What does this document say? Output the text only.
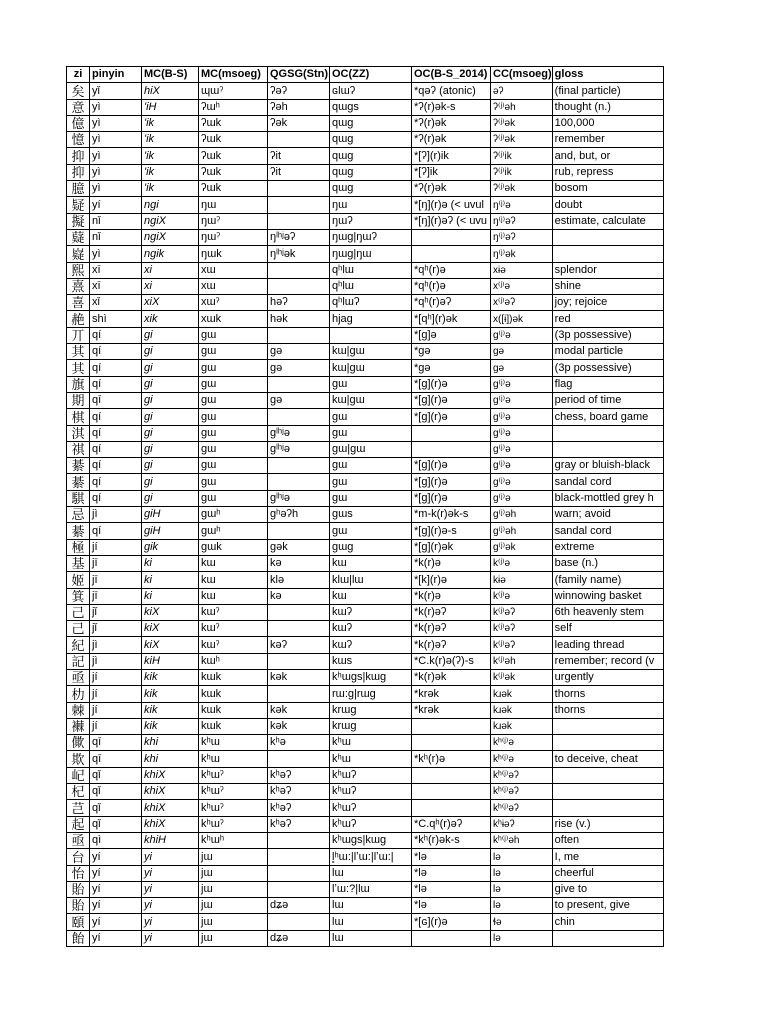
zi	pinyin	MC(B-S)	MC(msoeg)	QGSG(Stn)	OC(ZZ)	OC(B-S_2014)	CC(msoeg)	gloss
矣	yǐ	hiX	ɰɯˀ	ʔəʔ	ɢlɯʔ	*qəʔ (atonic)	əʔ	(final particle)
意	yì	'iH	ʔɯʰ	ʔəh	qɯgs	*ʔ(r)ək-s	ʔ⁽ʲ⁾əh	thought (n.)
億	yì	'ik	ʔɯk	ʔək	qɯg	*ʔ(r)ək	ʔ⁽ʲ⁾ək	100,000
憶	yì	'ik	ʔɯk		qɯg	*ʔ(r)ək	ʔ⁽ʲ⁾ək	remember
抑	yì	'ik	ʔɯk	ʔit	qɯg	*[ʔ](r)ik	ʔ⁽ʲ⁾ik	and, but, or
抑	yì	'ik	ʔɯk	ʔit	qɯg	*[ʔ]ik	ʔ⁽ʲ⁾ik	rub, repress
臆	yì	'ik	ʔɯk		qɯg	*ʔ(r)ək	ʔ⁽ʲ⁾ək	bosom
疑	yí	ngi	ŋɯ		ŋɯ	*[ŋ](r)ə (< uvul	ŋ⁽ʲ⁾ə	doubt
擬	nǐ	ngiX	ŋɯˀ		ŋɯʔ	*[ŋ](r)əʔ (< uvu	ŋ⁽ʲ⁾əʔ	estimate, calculate
薿	nǐ	ngiX	ŋɯˀ	ŋˡʰʲəʔ	ŋɯg|ŋɯʔ		ŋ⁽ʲ⁾əʔ	
嶷	yì	ngik	ŋɯk	ŋˡʰʲək	ŋɯg|ŋɯ		ŋ⁽ʲ⁾ək	
熙	xī	xi	xɯ		qʰlɯ	*qʰ(r)ə	xɨə	splendor
熹	xī	xi	xɯ		qʰlɯ	*qʰ(r)ə	x⁽ʲ⁾ə	shine
喜	xǐ	xiX	xɯˀ	həʔ	qʰlɯʔ	*qʰ(r)əʔ	x⁽ʲ⁾əʔ	joy; rejoice
赩	shì	xik	xɯk	hək	hjag	*[qʰ](r)ək	x([ɨ])ək	red
丌	qí	gi	gɯ			*[g]ə	g⁽ʲ⁾ə	(3p possessive)
其	qí	gi	gɯ	gə	kɯ|gɯ	*gə	gə	modal particle
其	qí	gi	gɯ	gə	kɯ|gɯ	*gə	gə	(3p possessive)
旗	qí	gi	gɯ		gɯ	*[g](r)ə	g⁽ʲ⁾ə	flag
期	qī	gi	gɯ	gə	kɯ|gɯ	*[g](r)ə	g⁽ʲ⁾ə	period of time
棋	qí	gi	gɯ		gɯ	*[g](r)ə	g⁽ʲ⁾ə	chess, board game
淇	qí	gi	gɯ	gˡʰʲə	gɯ		g⁽ʲ⁾ə	
祺	qí	gi	gɯ	gˡʰʲə	gɯ|gɯ		g⁽ʲ⁾ə	
綦	qí	gi	gɯ		gɯ	*[g](r)ə	g⁽ʲ⁾ə	gray or bluish-black
綦	qí	gi	gɯ		gɯ	*[g](r)ə	g⁽ʲ⁾ə	sandal cord
騏	qí	gi	gɯ	gˡʰʲə	gɯ	*[g](r)ə	g⁽ʲ⁾ə	black-mottled grey h
忌	jì	giH	gɯʰ	gʰəʔh	gɯs	*m-k(r)ək-s	g⁽ʲ⁾əh	warn; avoid
綦	qí	giH	gɯʰ		gɯ	*[g](r)ə-s	g⁽ʲ⁾əh	sandal cord
極	jí	gik	gɯk	gək	gɯg	*[g](r)ək	g⁽ʲ⁾ək	extreme
基	jī	ki	kɯ	kə	kɯ	*k(r)ə	k⁽ʲ⁾ə	base (n.)
姬	jī	ki	kɯ	klə	klɯ|lɯ	*[k](r)ə	kɨə	(family name)
箕	jī	ki	kɯ	kə	kɯ	*k(r)ə	k⁽ʲ⁾ə	winnowing basket
己	jǐ	kiX	kɯˀ		kɯʔ	*k(r)əʔ	k⁽ʲ⁾əʔ	6th heavenly stem
己	jǐ	kiX	kɯˀ		kɯʔ	*k(r)əʔ	k⁽ʲ⁾əʔ	self
紀	jì	kiX	kɯˀ	kəʔ	kɯʔ	*k(r)əʔ	k⁽ʲ⁾əʔ	leading thread
記	jì	kiH	kɯʰ		kɯs	*C.k(r)ə(ʔ)-s	k⁽ʲ⁾əh	remember; record (v
亟	jí	kik	kɯk	kək	kʰɯgs|kɯg	*k(r)ək	k⁽ʲ⁾ək	urgently
朸	jí	kik	kɯk		rɯ:g|rɯg	*krək	kɹək	thorns
棘	jí	kik	kɯk	kək	krɯg	*krək	kɹək	thorns
襋	jí	kik	kɯk	kək	krɯg		kɹək	
僛	qī	khi	kʰɯ	kʰə	kʰɯ		kʰ⁽ʲ⁾ə	
欺	qī	khi	kʰɯ		kʰɯ	*kʰ(r)ə	kʰ⁽ʲ⁾ə	to deceive, cheat
屺	qǐ	khiX	kʰɯˀ	kʰəʔ	kʰɯʔ		kʰ⁽ʲ⁾əʔ	
杞	qǐ	khiX	kʰɯˀ	kʰəʔ	kʰɯʔ		kʰ⁽ʲ⁾əʔ	
芑	qǐ	khiX	kʰɯˀ	kʰəʔ	kʰɯʔ		kʰ⁽ʲ⁾əʔ	
起	qǐ	khiX	kʰɯˀ	kʰəʔ	kʰɯʔ	*C.qʰ(r)əʔ	kʰɨəʔ	rise (v.)
亟	qì	khiH	kʰɯʰ		kʰɯgs|kɯg	*kʰ(r)ək-s	kʰ⁽ʲ⁾əh	often
台	yí	yi	jɯ		l̥ʰɯ:|lʼɯ:|lʼɯ:|	*lə	lə	I, me
怡	yí	yi	jɯ		lɯ	*lə	lə	cheerful
貽	yí	yi	jɯ		lʼɯ:?|lɯ	*lə	lə	give to
貽	yí	yi	jɯ	dʑə	lɯ	*lə	lə	to present, give
頤	yí	yi	jɯ		lɯ	*[ɢ](r)ə	ɬə	chin
飴	yí	yi	jɯ	dʑə	lɯ		lə	
